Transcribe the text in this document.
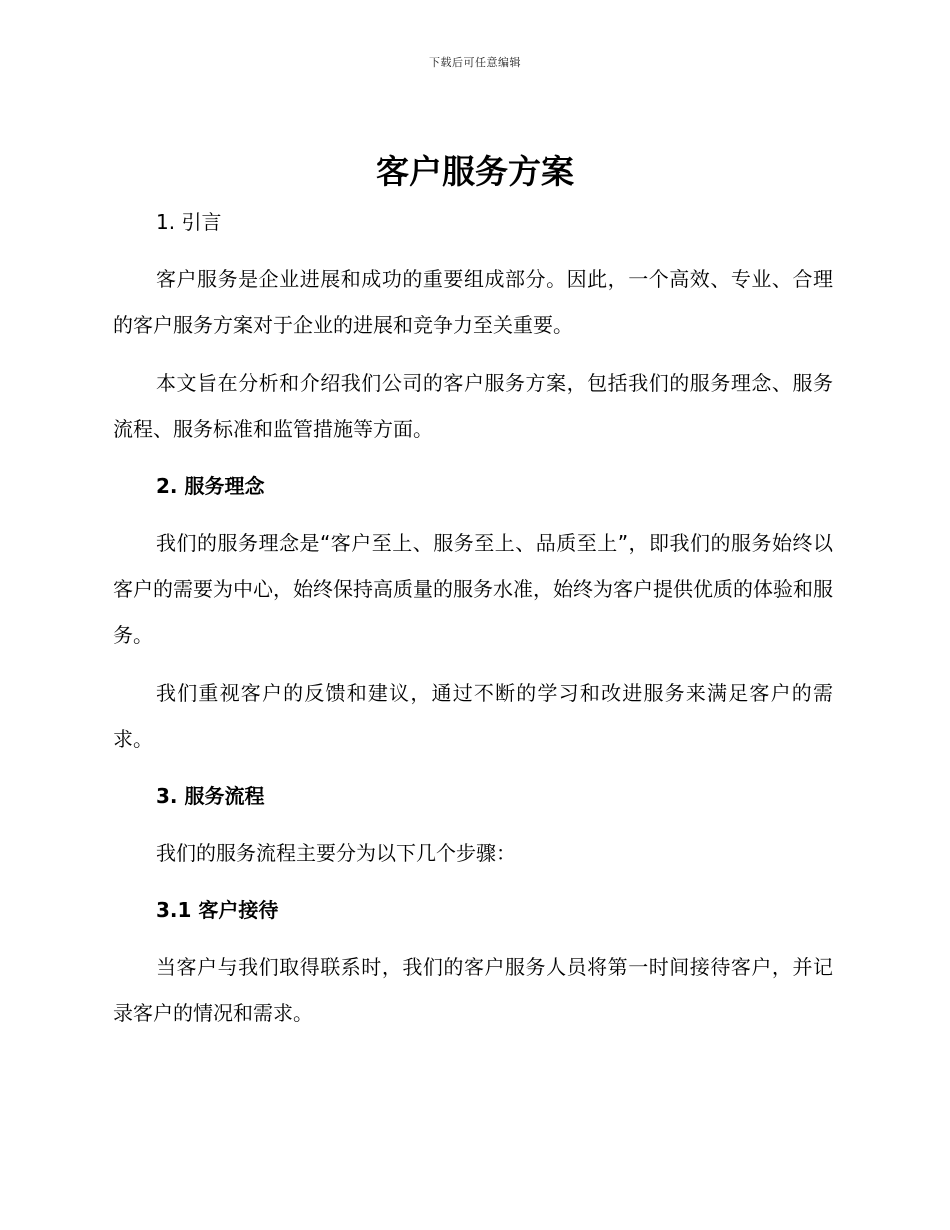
下载后可任意编辑
客户服务方案

1. 引言

客户服务是企业进展和成功的重要组成部分。因此，一个高效、专业、合理的客户服务方案对于企业的进展和竞争力至关重要。

本文旨在分析和介绍我们公司的客户服务方案，包括我们的服务理念、服务流程、服务标准和监管措施等方面。

2. 服务理念

我们的服务理念是“客户至上、服务至上、品质至上”，即我们的服务始终以客户的需要为中心，始终保持高质量的服务水准，始终为客户提供优质的体验和服务。

我们重视客户的反馈和建议，通过不断的学习和改进服务来满足客户的需求。

3. 服务流程

我们的服务流程主要分为以下几个步骤：

3.1 客户接待

当客户与我们取得联系时，我们的客户服务人员将第一时间接待客户，并记录客户的情况和需求。
